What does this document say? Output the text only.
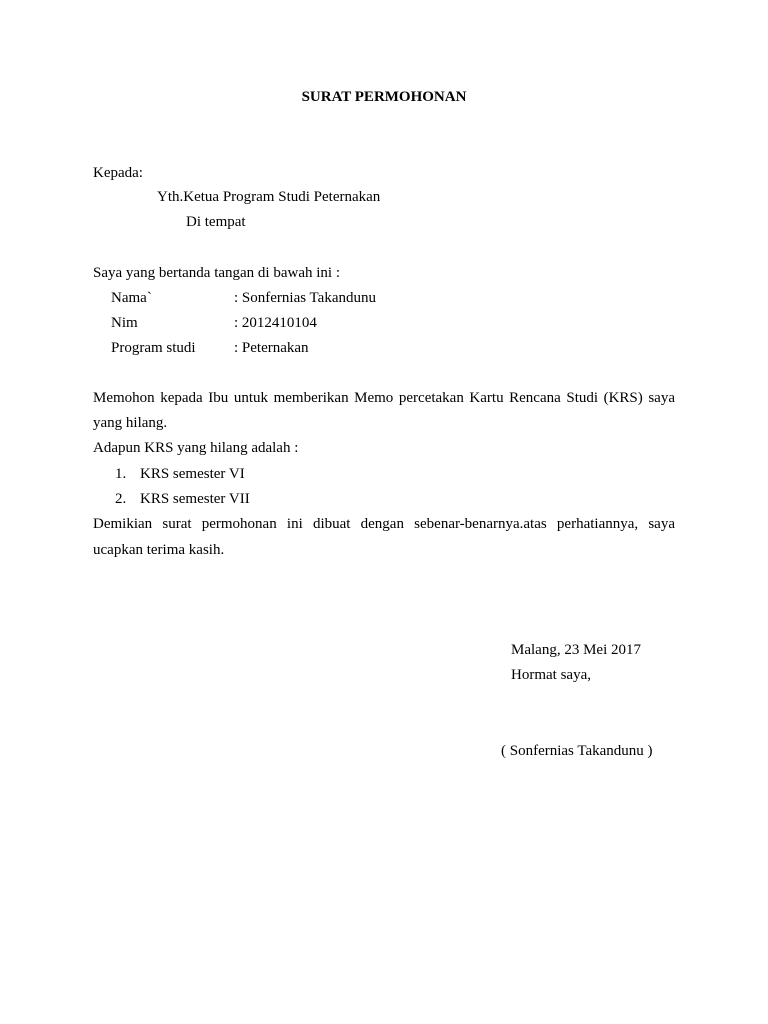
SURAT PERMOHONAN
Kepada:
Yth.Ketua Program Studi Peternakan
Di tempat
Saya yang bertanda tangan di bawah ini :
Nama`	: Sonfernias Takandunu
Nim	: 2012410104
Program studi	: Peternakan
Memohon kepada Ibu untuk memberikan Memo percetakan Kartu Rencana Studi (KRS) saya
yang hilang.
Adapun KRS yang hilang adalah :
1. KRS semester VI
2. KRS semester VII
Demikian surat permohonan ini dibuat dengan sebenar-benarnya.atas perhatiannya, saya
ucapkan terima kasih.
Malang, 23 Mei 2017
Hormat saya,
( Sonfernias Takandunu )
